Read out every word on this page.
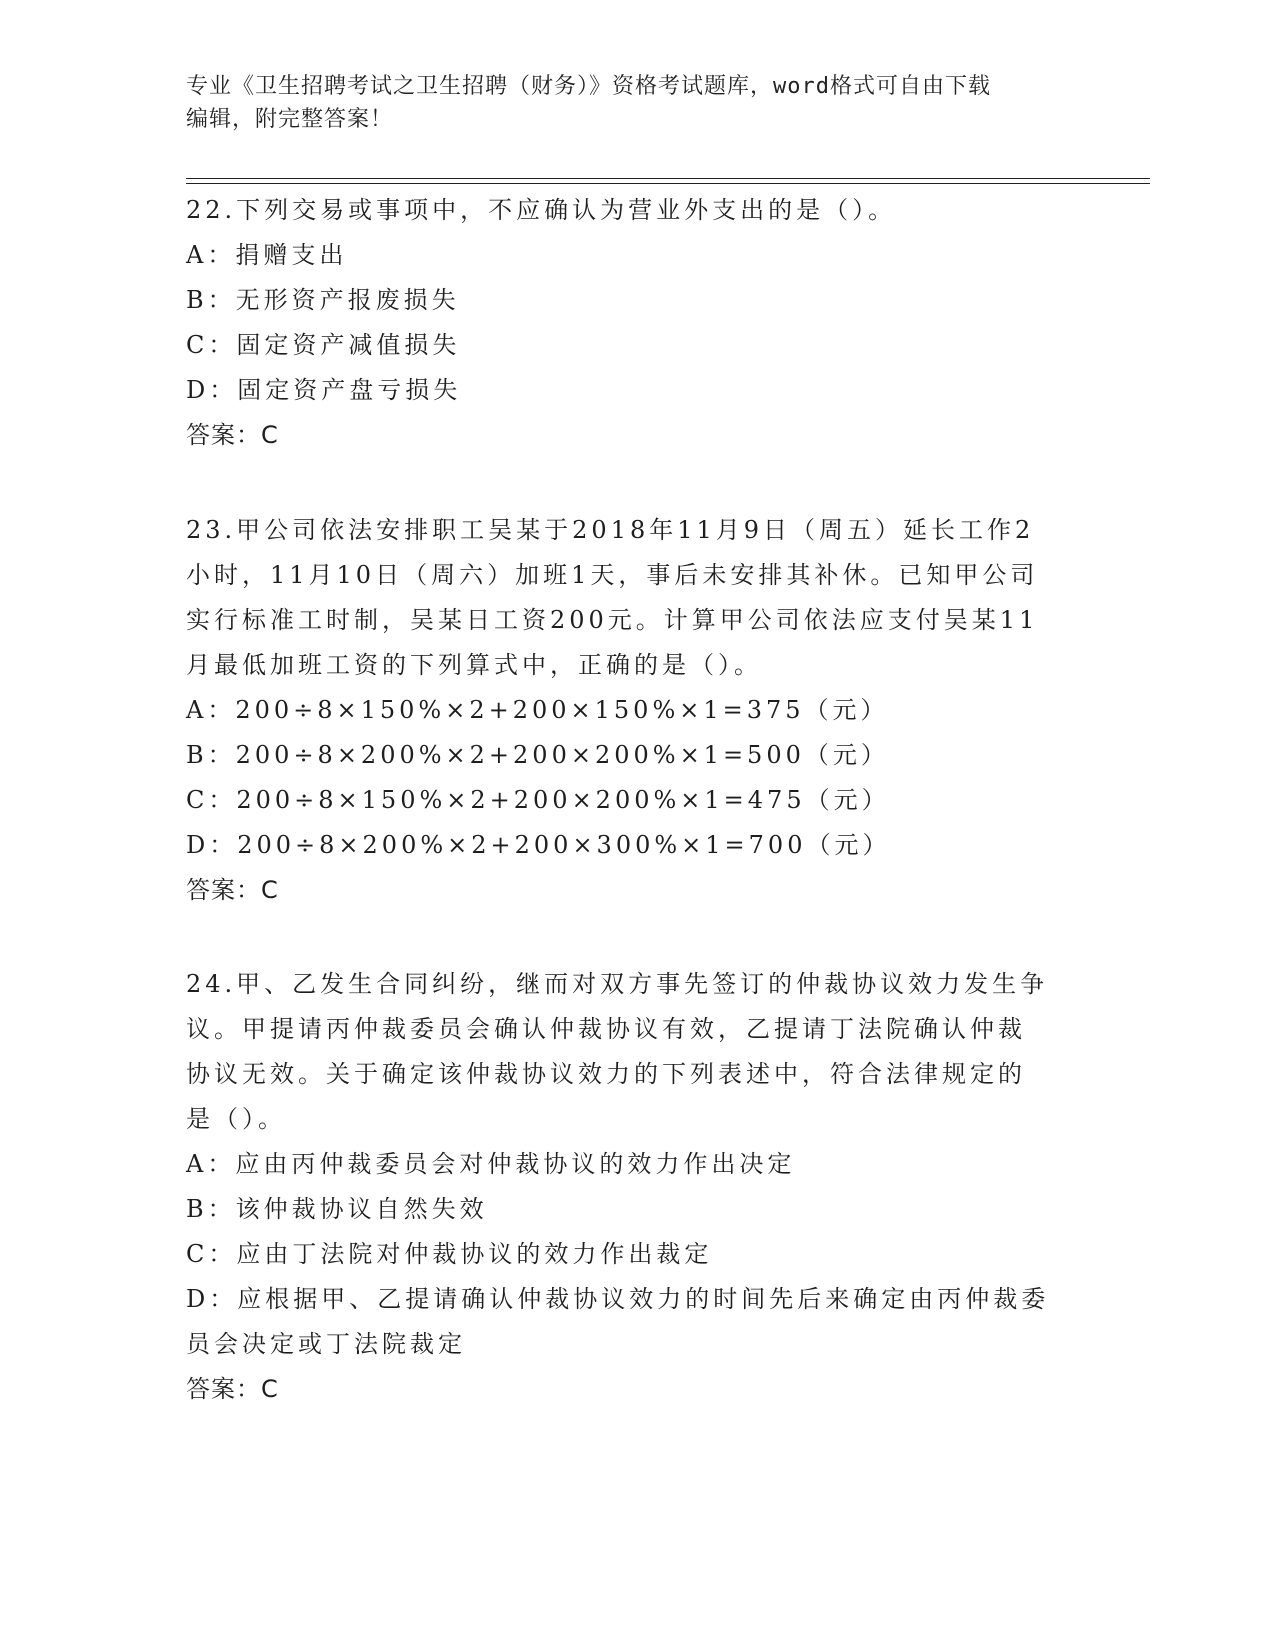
专业《卫生招聘考试之卫生招聘（财务）》资格考试题库，word格式可自由下载
编辑，附完整答案！
22.下列交易或事项中，不应确认为营业外支出的是（）。
A：捐赠支出
B：无形资产报废损失
C：固定资产减值损失
D：固定资产盘亏损失
答案：C
23.甲公司依法安排职工吴某于2018年11月9日（周五）延长工作2
小时，11月10日（周六）加班1天，事后未安排其补休。已知甲公司
实行标准工时制，吴某日工资200元。计算甲公司依法应支付吴某11
月最低加班工资的下列算式中，正确的是（）。
A：200÷8×150%×2+200×150%×1=375（元）
B：200÷8×200%×2+200×200%×1=500（元）
C：200÷8×150%×2+200×200%×1=475（元）
D：200÷8×200%×2+200×300%×1=700（元）
答案：C
24.甲、乙发生合同纠纷，继而对双方事先签订的仲裁协议效力发生争
议。甲提请丙仲裁委员会确认仲裁协议有效，乙提请丁法院确认仲裁
协议无效。关于确定该仲裁协议效力的下列表述中，符合法律规定的
是（）。
A：应由丙仲裁委员会对仲裁协议的效力作出决定
B：该仲裁协议自然失效
C：应由丁法院对仲裁协议的效力作出裁定
D：应根据甲、乙提请确认仲裁协议效力的时间先后来确定由丙仲裁委
员会决定或丁法院裁定
答案：C
